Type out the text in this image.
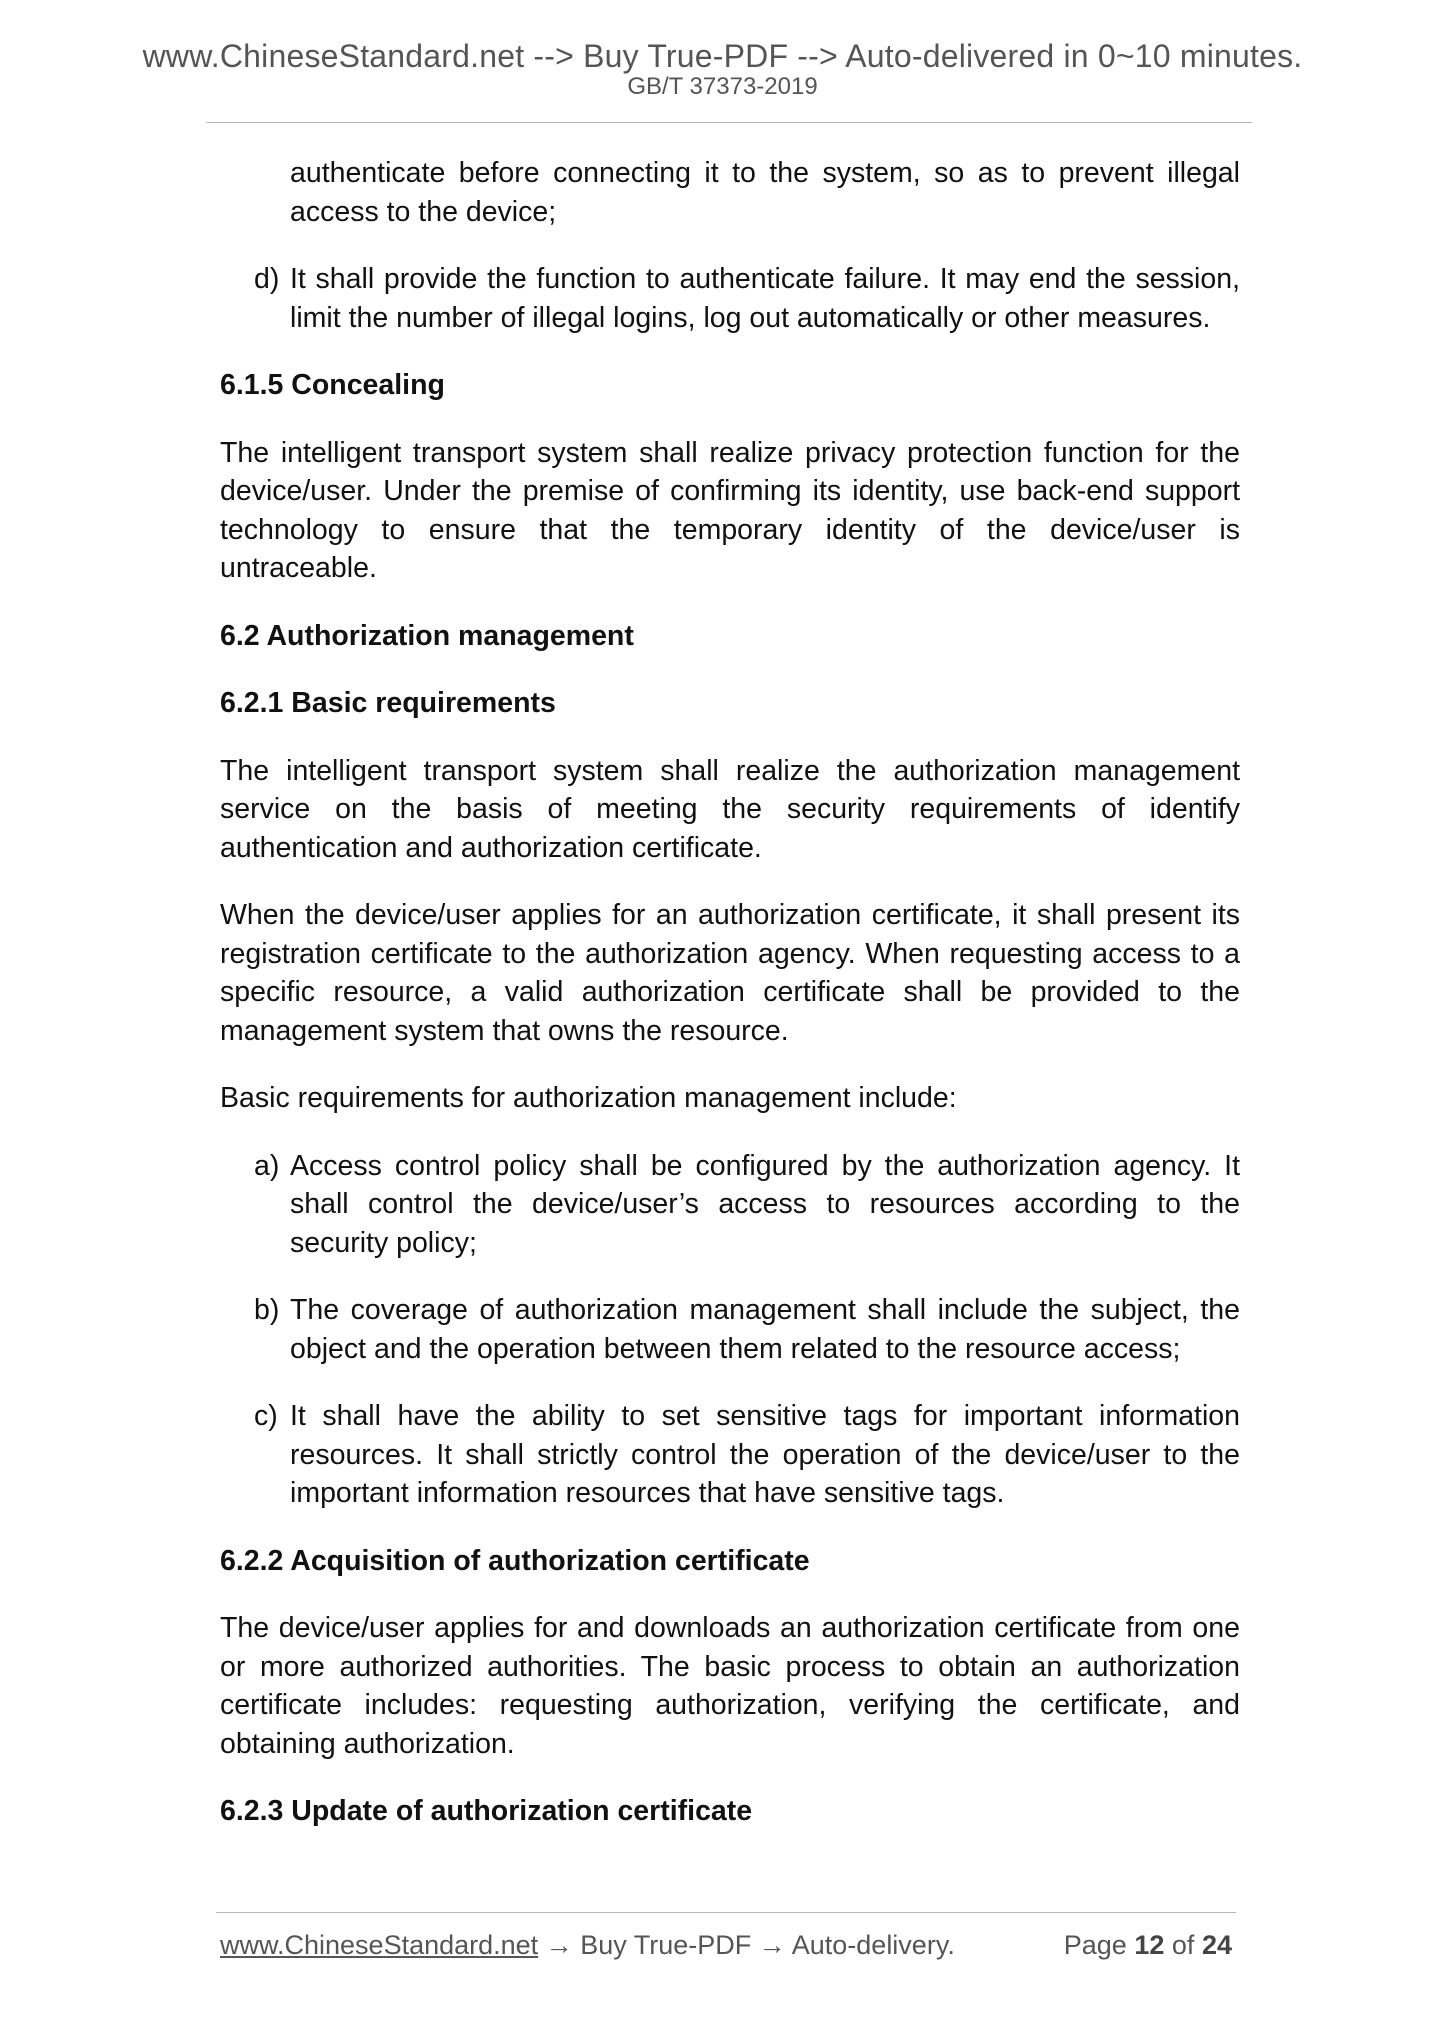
www.ChineseStandard.net --> Buy True-PDF --> Auto-delivered in 0~10 minutes.
GB/T 37373-2019

authenticate before connecting it to the system, so as to prevent illegal access to the device;

d) It shall provide the function to authenticate failure. It may end the session, limit the number of illegal logins, log out automatically or other measures.
6.1.5 Concealing

The intelligent transport system shall realize privacy protection function for the device/user. Under the premise of confirming its identity, use back-end support technology to ensure that the temporary identity of the device/user is untraceable.

6.2 Authorization management
6.2.1 Basic requirements

The intelligent transport system shall realize the authorization management service on the basis of meeting the security requirements of identify authentication and authorization certificate.

When the device/user applies for an authorization certificate, it shall present its registration certificate to the authorization agency. When requesting access to a specific resource, a valid authorization certificate shall be provided to the management system that owns the resource.

Basic requirements for authorization management include:

a) Access control policy shall be configured by the authorization agency. It shall control the device/user’s access to resources according to the security policy;
b) The coverage of authorization management shall include the subject, the object and the operation between them related to the resource access;
c) It shall have the ability to set sensitive tags for important information resources. It shall strictly control the operation of the device/user to the important information resources that have sensitive tags.
6.2.2 Acquisition of authorization certificate

The device/user applies for and downloads an authorization certificate from one or more authorized authorities. The basic process to obtain an authorization certificate includes: requesting authorization, verifying the certificate, and obtaining authorization.

6.2.3 Update of authorization certificate
www.ChineseStandard.net → Buy True-PDF → Auto-delivery.	Page 12 of 24
